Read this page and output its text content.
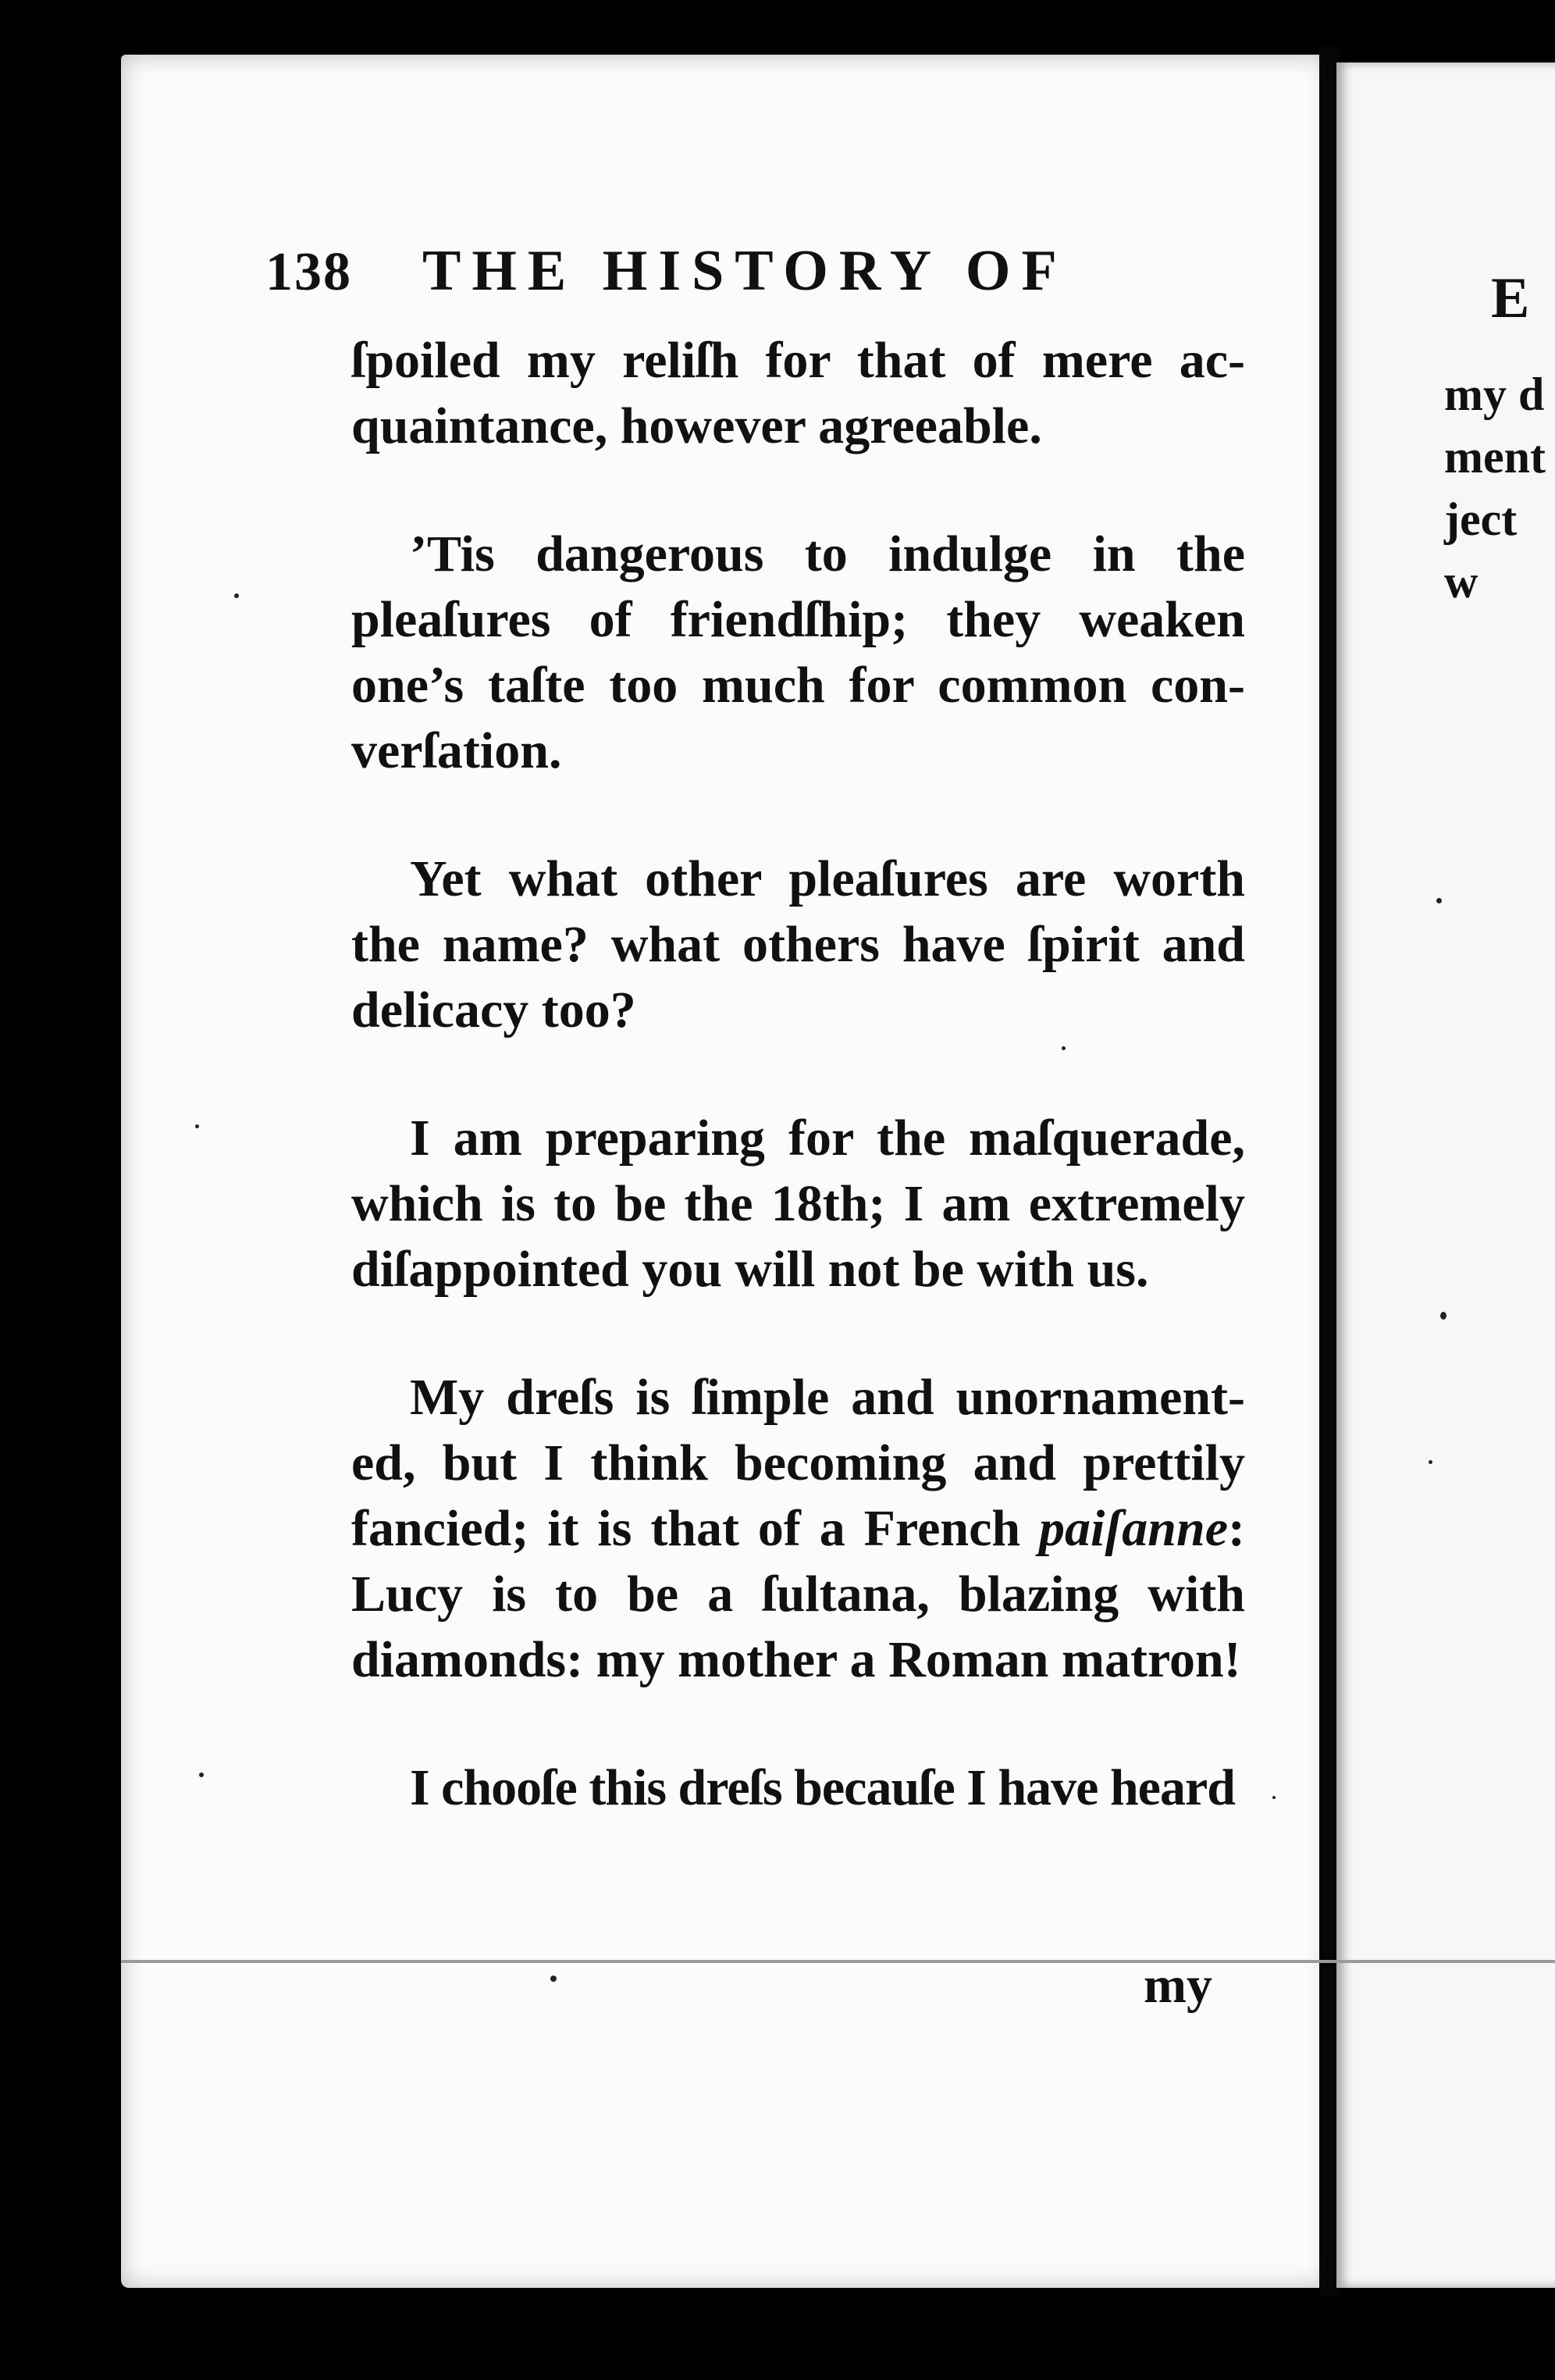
138 THE HISTORY OF

ſpoiled my reliſh for that of mere acquaintance, however agreeable.

’Tis dangerous to indulge in the pleaſures of friendſhip; they weaken one’s taſte too much for common converſation.

Yet what other pleaſures are worth the name? what others have ſpirit and delicacy too?

I am preparing for the maſquerade, which is to be the 18th; I am extremely diſappointed you will not be with us.

My dreſs is ſimple and unornamented, but I think becoming and prettily fancied; it is that of a French paiſanne: Lucy is to be a ſultana, blazing with diamonds: my mother a Roman matron!

I chooſe this dreſs becauſe I have heard

my
E
my d
ment
ject w
